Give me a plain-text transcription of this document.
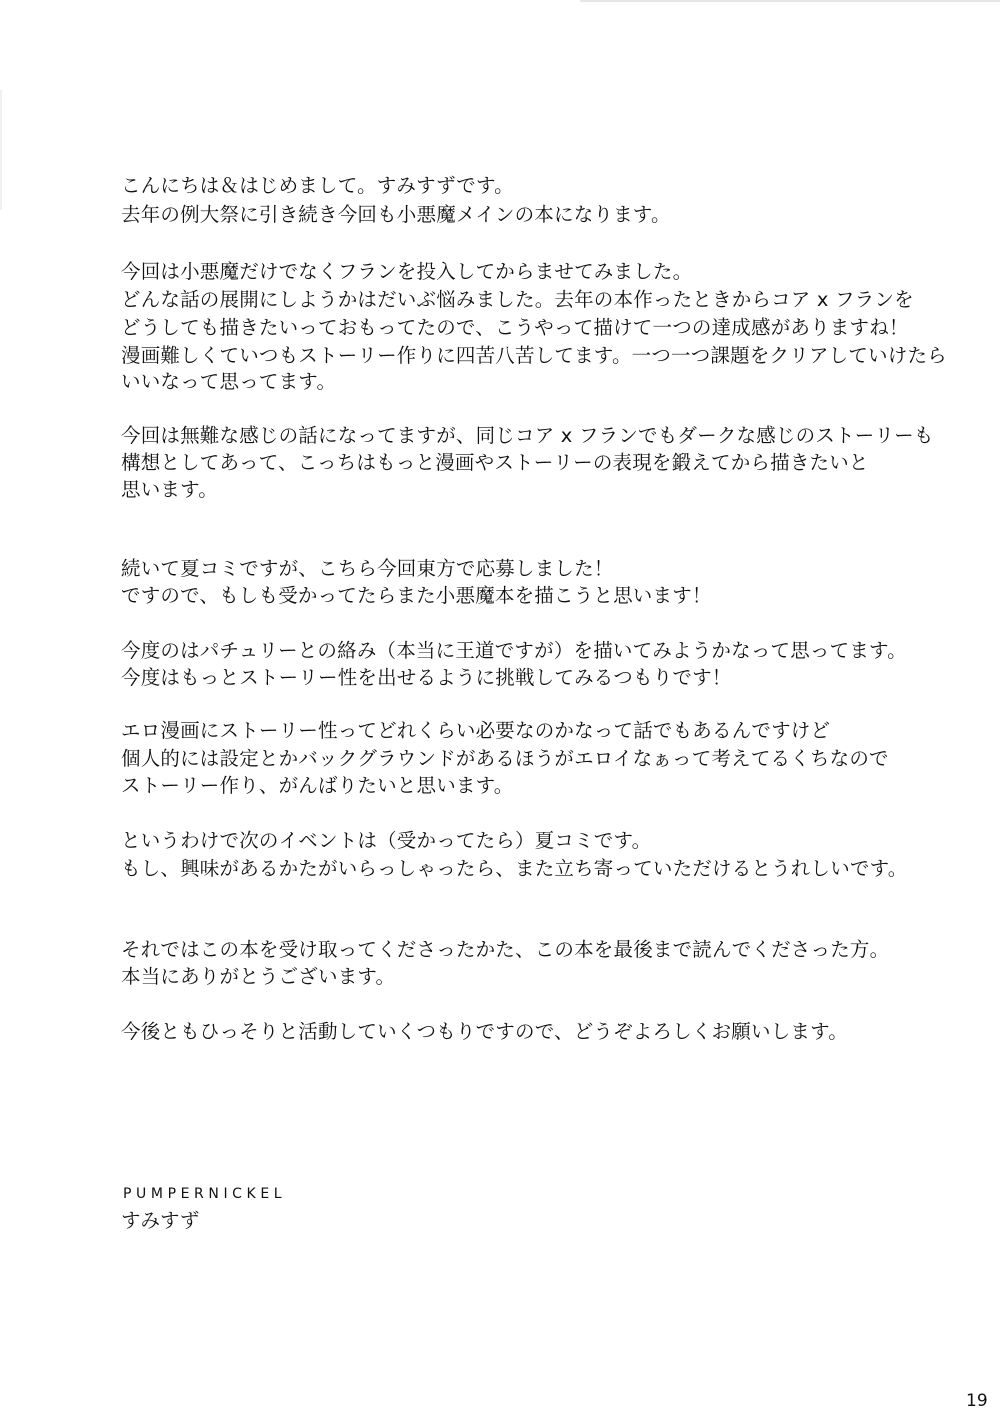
こんにちは＆はじめまして。すみすずです。
去年の例大祭に引き続き今回も小悪魔メインの本になります。
今回は小悪魔だけでなくフランを投入してからませてみました。
どんな話の展開にしようかはだいぶ悩みました。去年の本作ったときからコア x フランを
どうしても描きたいっておもってたので、こうやって描けて一つの達成感がありますね！
漫画難しくていつもストーリー作りに四苦八苦してます。一つ一つ課題をクリアしていけたら
いいなって思ってます。
今回は無難な感じの話になってますが、同じコア x フランでもダークな感じのストーリーも
構想としてあって、こっちはもっと漫画やストーリーの表現を鍛えてから描きたいと
思います。
続いて夏コミですが、こちら今回東方で応募しました！
ですので、もしも受かってたらまた小悪魔本を描こうと思います！
今度のはパチュリーとの絡み（本当に王道ですが）を描いてみようかなって思ってます。
今度はもっとストーリー性を出せるように挑戦してみるつもりです！
エロ漫画にストーリー性ってどれくらい必要なのかなって話でもあるんですけど
個人的には設定とかバックグラウンドがあるほうがエロイなぁって考えてるくちなので
ストーリー作り、がんばりたいと思います。
というわけで次のイベントは（受かってたら）夏コミです。
もし、興味があるかたがいらっしゃったら、また立ち寄っていただけるとうれしいです。
それではこの本を受け取ってくださったかた、この本を最後まで読んでくださった方。
本当にありがとうございます。
今後ともひっそりと活動していくつもりですので、どうぞよろしくお願いします。
PUMPERNICKEL
すみすず
19
